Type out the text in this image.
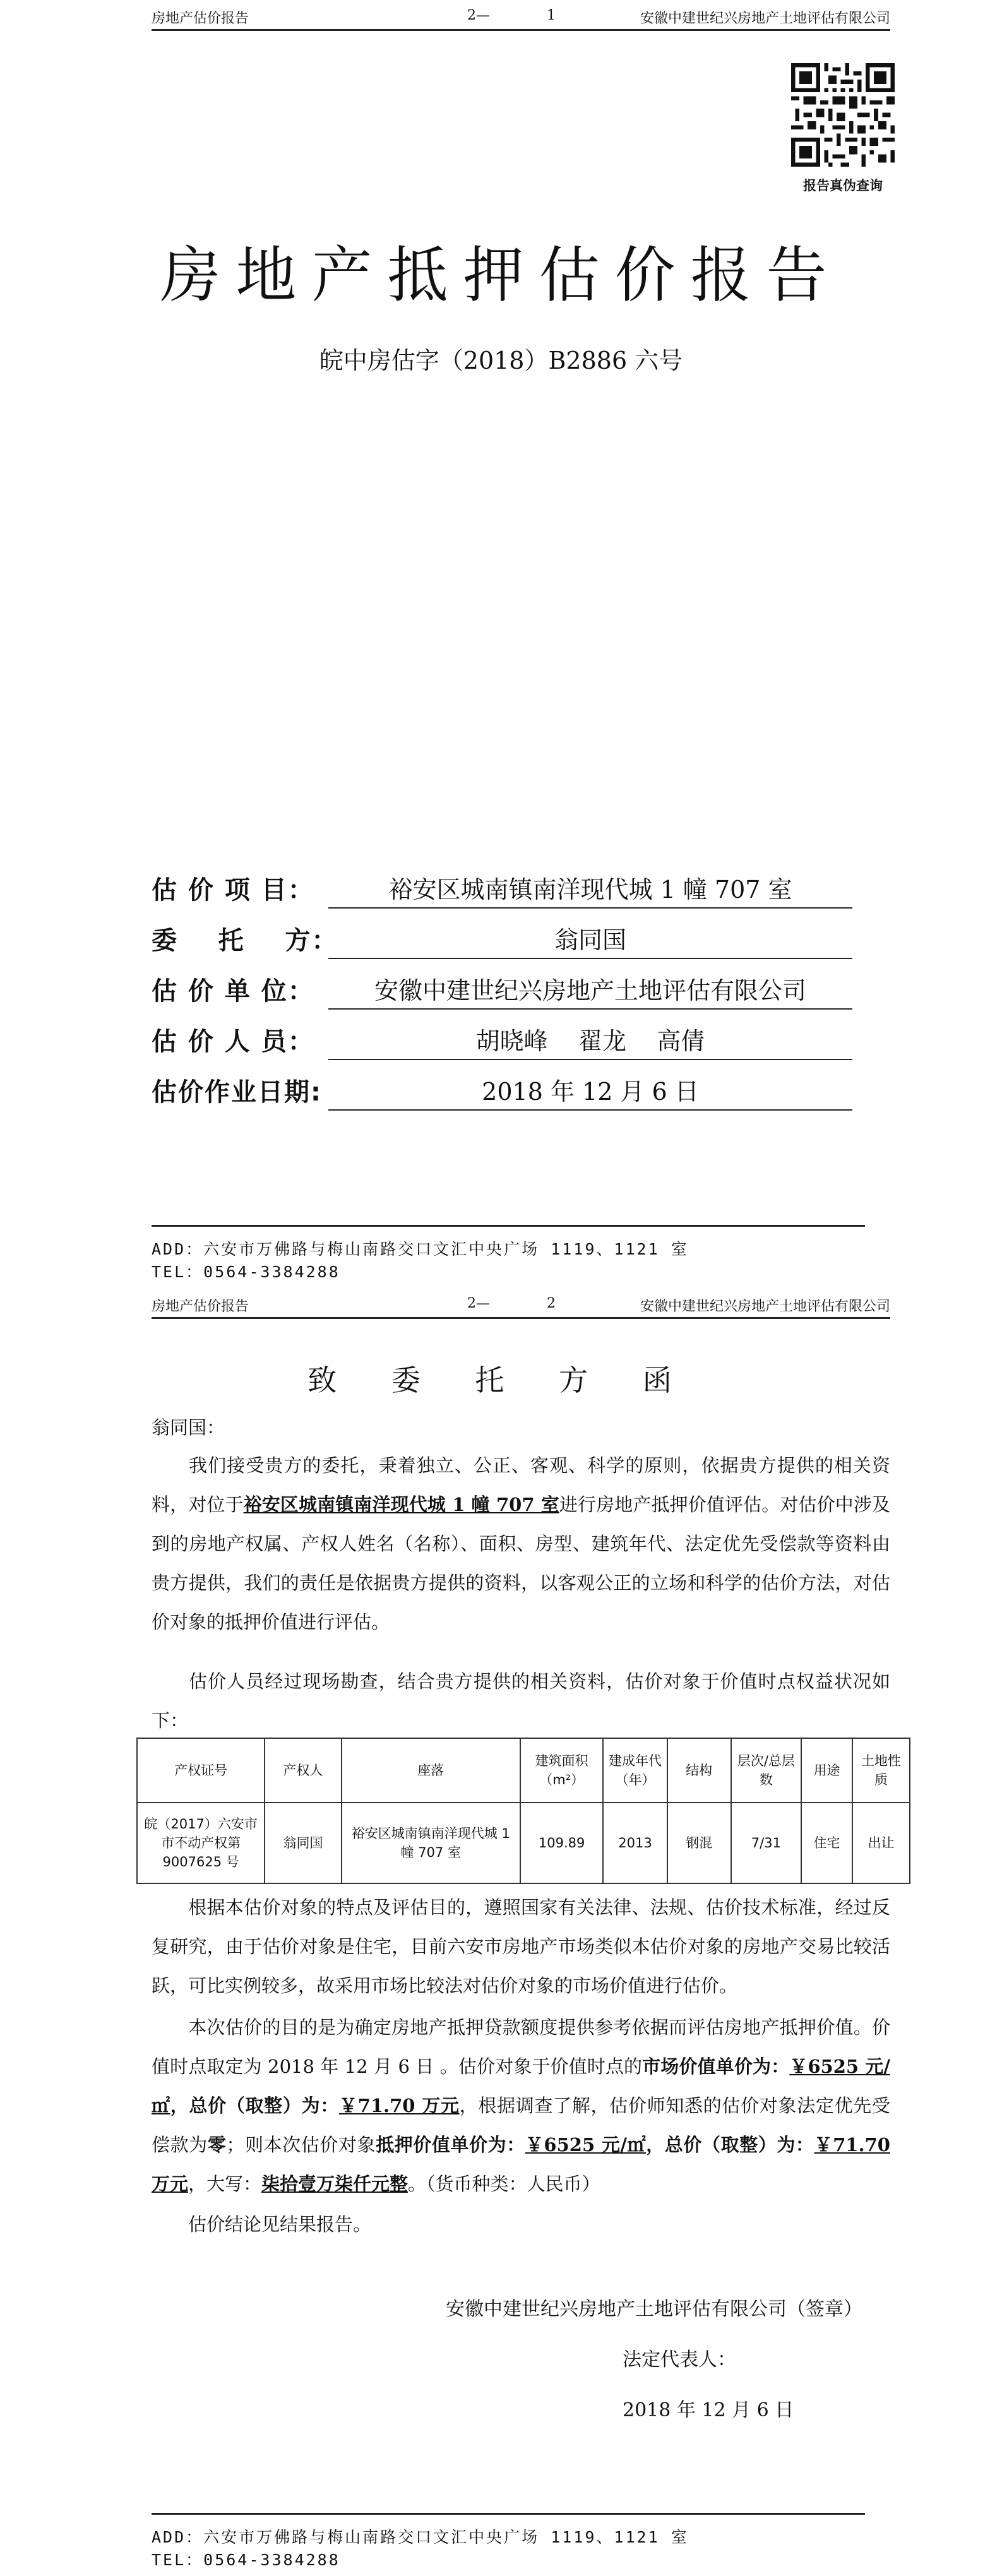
房地产估价报告	2—	1	安徽中建世纪兴房地产土地评估有限公司
报告真伪查询
房地产抵押估价报告
皖中房估字（2018）B2886 六号
估 价 项 目：	裕安区城南镇南洋现代城 1 幢 707 室
委    托    方：	翁同国
估 价 单 位：	安徽中建世纪兴房地产土地评估有限公司
估 价 人 员：	胡晓峰    翟龙    高倩
估价作业日期:	2018 年 12 月 6 日
ADD：六安市万佛路与梅山南路交口文汇中央广场 1119、1121 室
TEL：0564-3384288
房地产估价报告	2—	2	安徽中建世纪兴房地产土地评估有限公司
致 委 托 方 函
翁同国：
我们接受贵方的委托，秉着独立、公正、客观、科学的原则，依据贵方提供的相关资料，对位于裕安区城南镇南洋现代城 1 幢 707 室进行房地产抵押价值评估。对估价中涉及到的房地产权属、产权人姓名（名称）、面积、房型、建筑年代、法定优先受偿款等资料由贵方提供，我们的责任是依据贵方提供的资料，以客观公正的立场和科学的估价方法，对估价对象的抵押价值进行评估。
估价人员经过现场勘查，结合贵方提供的相关资料，估价对象于价值时点权益状况如下：
产权证号	产权人	座落	建筑面积（m²）	建成年代（年）	结构	层次/总层数	用途	土地性质
皖（2017）六安市市不动产权第 9007625 号	翁同国	裕安区城南镇南洋现代城 1 幢 707 室	109.89	2013	钢混	7/31	住宅	出让
根据本估价对象的特点及评估目的，遵照国家有关法律、法规、估价技术标准，经过反复研究，由于估价对象是住宅，目前六安市房地产市场类似本估价对象的房地产交易比较活跃，可比实例较多，故采用市场比较法对估价对象的市场价值进行估价。
本次估价的目的是为确定房地产抵押贷款额度提供参考依据而评估房地产抵押价值。价值时点取定为 2018 年 12 月 6 日 。估价对象于价值时点的市场价值单价为：￥6525 元/㎡，总价（取整）为：￥71.70 万元，根据调查了解，估价师知悉的估价对象法定优先受偿款为零；则本次估价对象抵押价值单价为：￥6525 元/㎡，总价（取整）为：￥71.70 万元，大写：柒拾壹万柒仟元整。（货币种类：人民币）
估价结论见结果报告。
安徽中建世纪兴房地产土地评估有限公司（签章）
法定代表人：
2018 年 12 月 6 日
ADD：六安市万佛路与梅山南路交口文汇中央广场 1119、1121 室
TEL：0564-3384288
